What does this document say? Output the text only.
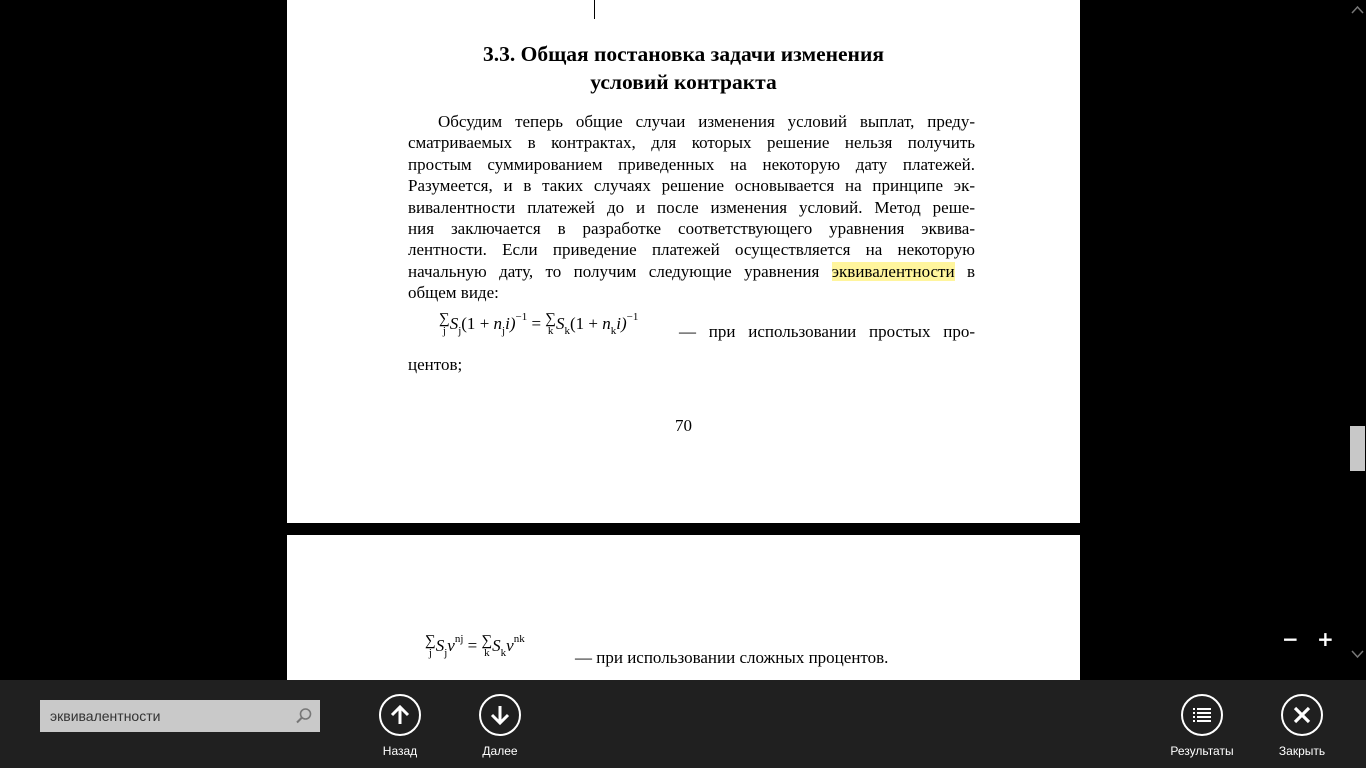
3.3. Общая постановка задачи изменения
условий контракта
Обсудим теперь общие случаи изменения условий выплат, преду-
сматриваемых в контрактах, для которых решение нельзя получить
простым суммированием приведенных на некоторую дату платежей.
Разумеется, и в таких случаях решение основывается на принципе эк-
вивалентности платежей до и после изменения условий. Метод реше-
ния заключается в разработке соответствующего уравнения эквива-
лентности. Если приведение платежей осуществляется на некоторую
начальную дату, то получим следующие уравнения эквивалентности в
общем виде:
∑
j $S_j(1 + n_ji)^{-1}$ = ∑
k $S_k(1 + n_ki)^{-1}$
— при использовании простых про-
центов;
70
∑
j $S_jv^{nj}$ = ∑
k $S_kv^{nk}$
— при использовании сложных процентов.
− +
эквивалентности
Назад	Далее	Результаты	Закрыть
